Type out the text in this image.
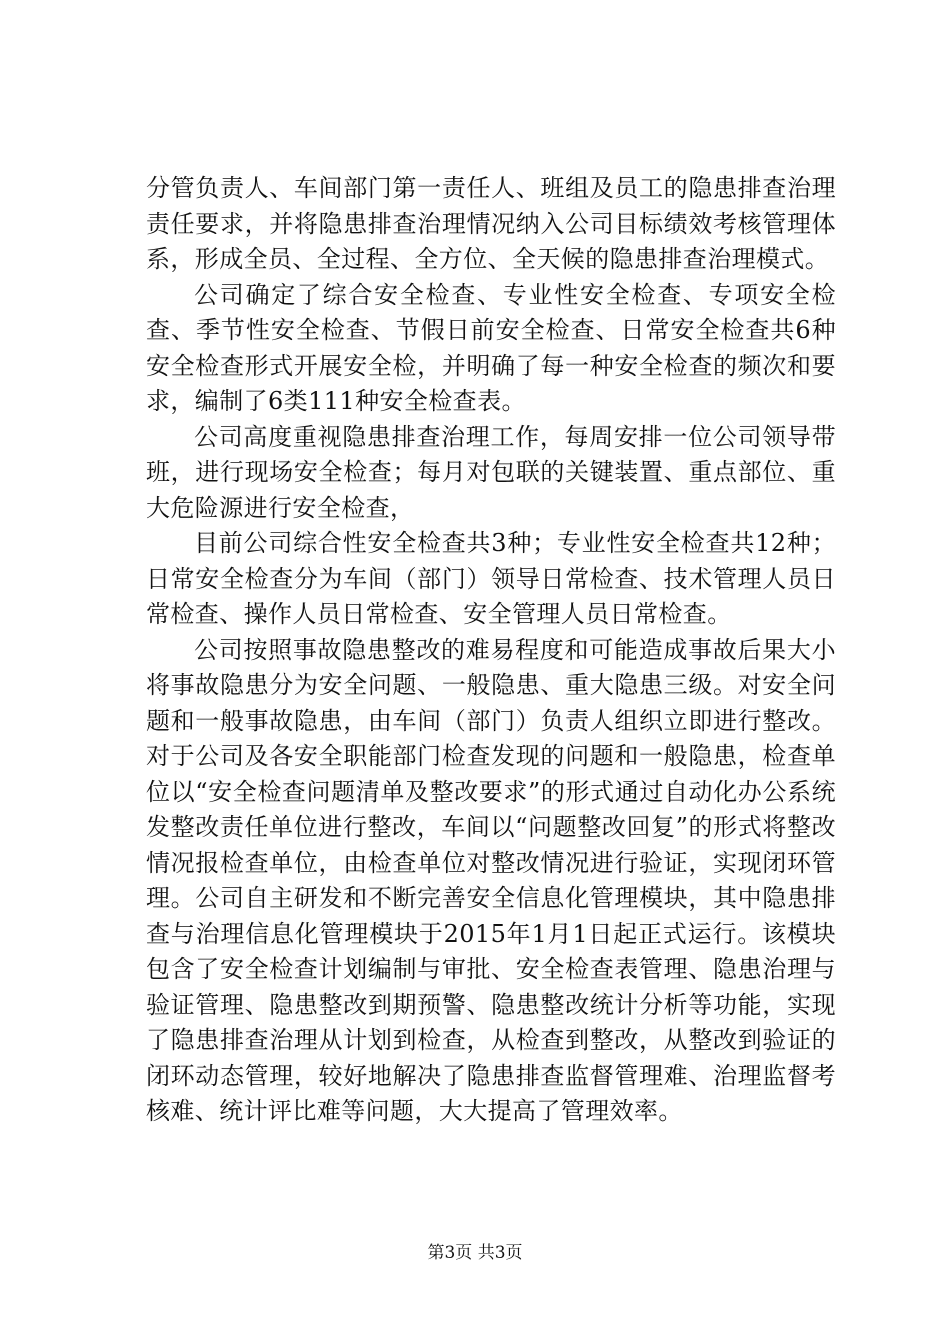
分管负责人、车间部门第一责任人、班组及员工的隐患排查治理责任要求，并将隐患排查治理情况纳入公司目标绩效考核管理体系，形成全员、全过程、全方位、全天候的隐患排查治理模式。

公司确定了综合安全检查、专业性安全检查、专项安全检查、季节性安全检查、节假日前安全检查、日常安全检查共6种安全检查形式开展安全检，并明确了每一种安全检查的频次和要求，编制了6类111种安全检查表。

公司高度重视隐患排查治理工作，每周安排一位公司领导带班，进行现场安全检查；每月对包联的关键装置、重点部位、重大危险源进行安全检查，

目前公司综合性安全检查共3种；专业性安全检查共12种；日常安全检查分为车间（部门）领导日常检查、技术管理人员日常检查、操作人员日常检查、安全管理人员日常检查。

公司按照事故隐患整改的难易程度和可能造成事故后果大小将事故隐患分为安全问题、一般隐患、重大隐患三级。对安全问题和一般事故隐患，由车间（部门）负责人组织立即进行整改。对于公司及各安全职能部门检查发现的问题和一般隐患，检查单位以“安全检查问题清单及整改要求”的形式通过自动化办公系统发整改责任单位进行整改，车间以“问题整改回复”的形式将整改情况报检查单位，由检查单位对整改情况进行验证，实现闭环管理。公司自主研发和不断完善安全信息化管理模块，其中隐患排查与治理信息化管理模块于2015年1月1日起正式运行。该模块包含了安全检查计划编制与审批、安全检查表管理、隐患治理与验证管理、隐患整改到期预警、隐患整改统计分析等功能，实现了隐患排查治理从计划到检查，从检查到整改，从整改到验证的闭环动态管理，较好地解决了隐患排查监督管理难、治理监督考核难、统计评比难等问题，大大提高了管理效率。

第3页 共3页
